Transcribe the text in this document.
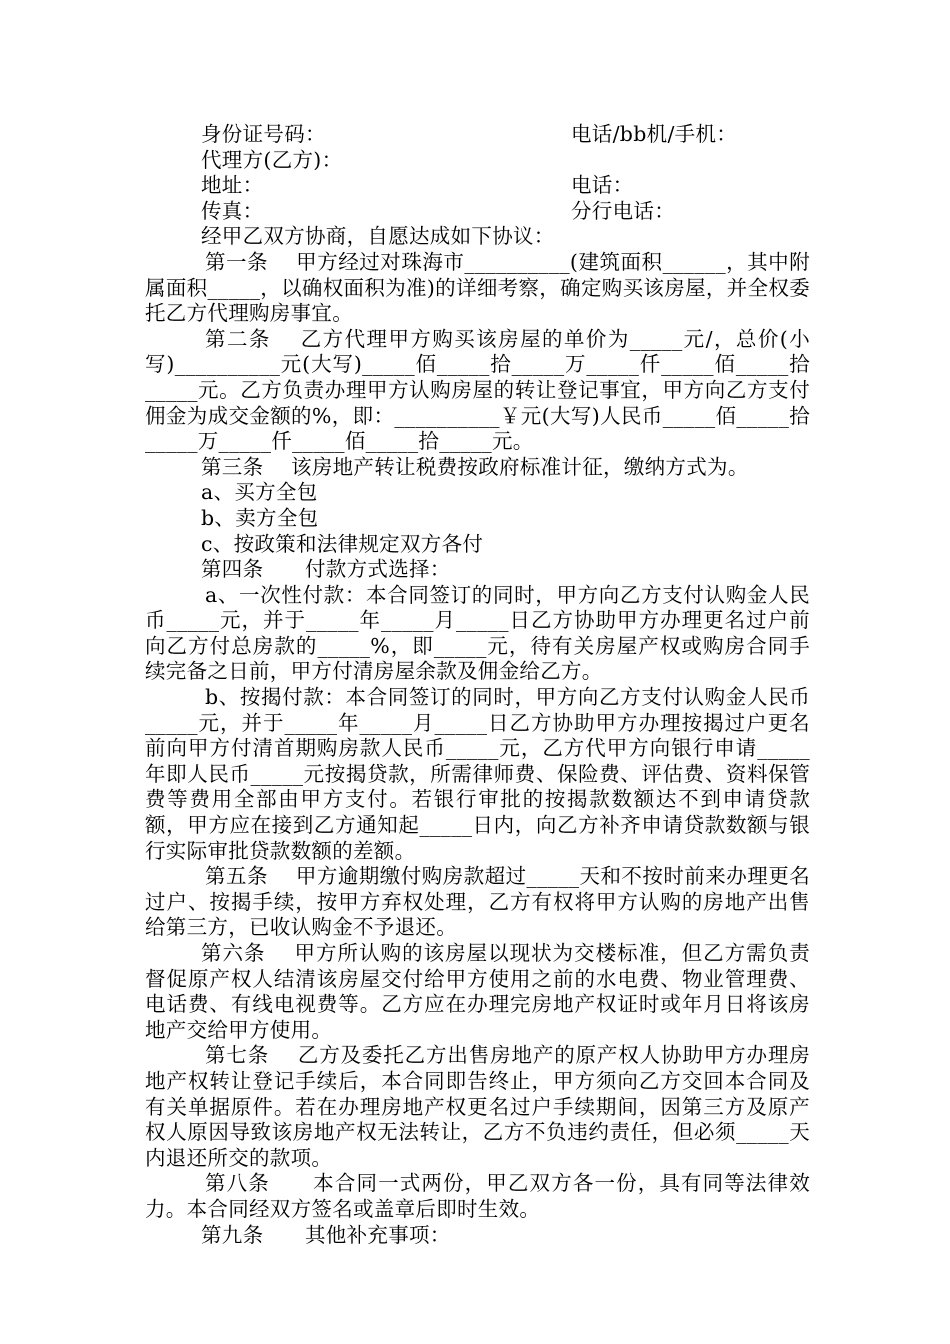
身份证号码：	电话/bb机/手机：
代理方(乙方)：
地址：	电话：
传真：	分行电话：

经甲乙双方协商，自愿达成如下协议：

第一条　 甲方经过对珠海市__________(建筑面积______，其中附属面积_____，以确权面积为准)的详细考察，确定购买该房屋，并全权委托乙方代理购房事宜。

第二条　 乙方代理甲方购买该房屋的单价为_____元/，总价(小写)__________元(大写)_____佰_____拾_____万_____仟_____佰_____拾_____元。乙方负责办理甲方认购房屋的转让登记事宜，甲方向乙方支付佣金为成交金额的%，即：__________￥元(大写)人民币_____佰_____拾_____万_____仟_____佰_____拾_____元。

第三条　 该房地产转让税费按政府标准计征，缴纳方式为。

a、买方全包

b、卖方全包

c、按政策和法律规定双方各付

第四条　　付款方式选择：

a、一次性付款：本合同签订的同时，甲方向乙方支付认购金人民币_____元，并于_____年_____月_____日乙方协助甲方办理更名过户前向乙方付总房款的_____%，即_____元，待有关房屋产权或购房合同手续完备之日前，甲方付清房屋余款及佣金给乙方。

b、按揭付款：本合同签订的同时，甲方向乙方支付认购金人民币_____元，并于_____年_____月_____日乙方协助甲方办理按揭过户更名前向甲方付清首期购房款人民币_____元，乙方代甲方向银行申请_____年即人民币_____元按揭贷款，所需律师费、保险费、评估费、资料保管费等费用全部由甲方支付。若银行审批的按揭款数额达不到申请贷款额，甲方应在接到乙方通知起_____日内，向乙方补齐申请贷款数额与银行实际审批贷款数额的差额。

第五条　 甲方逾期缴付购房款超过_____天和不按时前来办理更名过户、按揭手续，按甲方弃权处理，乙方有权将甲方认购的房地产出售给第三方，已收认购金不予退还。

第六条　 甲方所认购的该房屋以现状为交楼标准，但乙方需负责督促原产权人结清该房屋交付给甲方使用之前的水电费、物业管理费、电话费、有线电视费等。乙方应在办理完房地产权证时或年月日将该房地产交给甲方使用。

第七条　 乙方及委托乙方出售房地产的原产权人协助甲方办理房地产权转让登记手续后，本合同即告终止，甲方须向乙方交回本合同及有关单据原件。若在办理房地产权更名过户手续期间，因第三方及原产权人原因导致该房地产权无法转让，乙方不负违约责任，但必须_____天内退还所交的款项。

第八条　　本合同一式两份，甲乙双方各一份，具有同等法律效力。本合同经双方签名或盖章后即时生效。

第九条　　其他补充事项：
